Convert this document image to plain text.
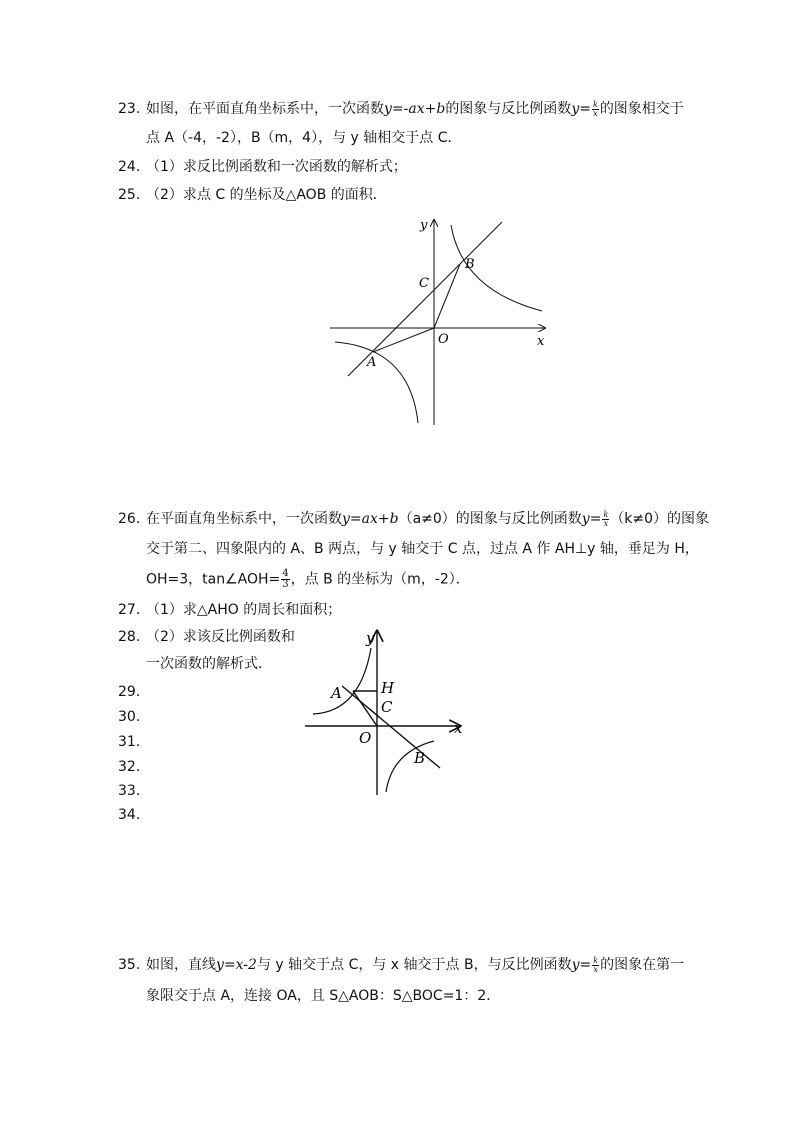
23. 如图，在平面直角坐标系中，一次函数y=-ax+b的图象与反比例函数$y= \frac{k}{x}$ 的图象相交于
点 A（-4，-2），B（m，4），与 y 轴相交于点 C．
24. （1）求反比例函数和一次函数的解析式；
25. （2）求点 C 的坐标及△AOB 的面积．
y
x
O
A
B
C
26. 在平面直角坐标系中，一次函数y=ax+b（a≠0）的图象与反比例函数$y= \frac{k}{x} (k\ne 0)$的图象
交于第二、四象限内的 A、B 两点，与 y 轴交于 C 点，过点 A 作 AH⊥y 轴，垂足为 H，
OH=3，tan∠AOH= $\frac{4}{3}$ ，点 B 的坐标为（m，-2）．
27. （1）求△AHO 的周长和面积；
28. （2）求该反比例函数和
一次函数的解析式．
29.
30.
31.
32.
33.
34.
y
x
O
A	H
C
B
35. 如图，直线y=x-2与 y 轴交于点 C，与 x 轴交于点 B，与反比例函数$y= \frac{k}{x}$ 的图象在第一
象限交于点 A，连接 OA，且 S△AOB：S△BOC=1：2．
